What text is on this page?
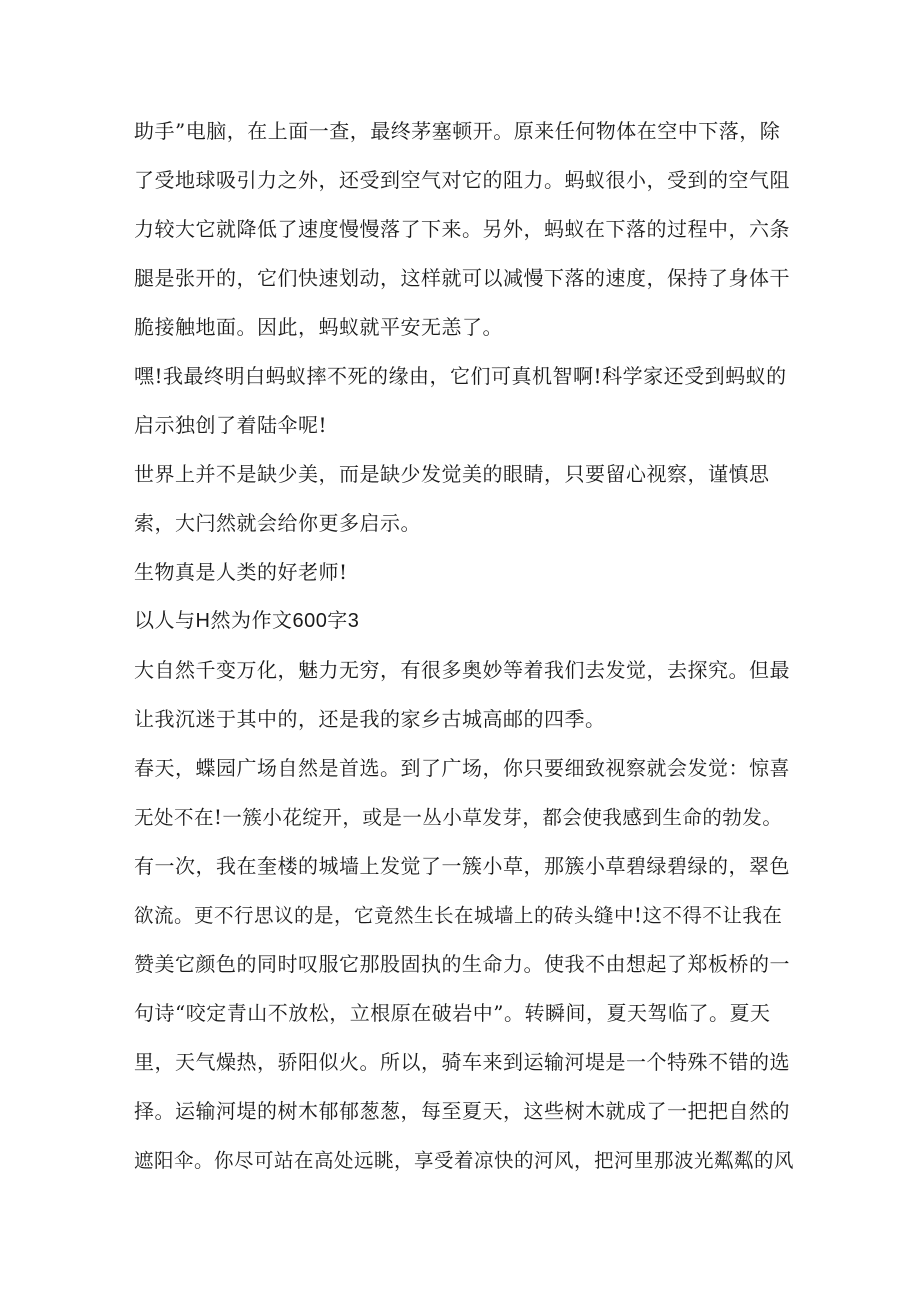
助手”电脑，在上面一查，最终茅塞顿开。原来任何物体在空中下落，除
了受地球吸引力之外，还受到空气对它的阻力。蚂蚁很小，受到的空气阻
力较大它就降低了速度慢慢落了下来。另外，蚂蚁在下落的过程中，六条
腿是张开的，它们快速划动，这样就可以减慢下落的速度，保持了身体干
脆接触地面。因此，蚂蚁就平安无恙了。
嘿!我最终明白蚂蚁摔不死的缘由，它们可真机智啊!科学家还受到蚂蚁的
启示独创了着陆伞呢!
世界上并不是缺少美，而是缺少发觉美的眼睛，只要留心视察，谨慎思
索，大闩然就会给你更多启示。
生物真是人类的好老师!
以人与H然为作文600字3
大自然千变万化，魅力无穷，有很多奥妙等着我们去发觉，去探究。但最
让我沉迷于其中的，还是我的家乡古城高邮的四季。
春天，蝶园广场自然是首选。到了广场，你只要细致视察就会发觉：惊喜
无处不在!一簇小花绽开，或是一丛小草发芽，都会使我感到生命的勃发。
有一次，我在奎楼的城墙上发觉了一簇小草，那簇小草碧绿碧绿的，翠色
欲流。更不行思议的是，它竟然生长在城墙上的砖头缝中!这不得不让我在
赞美它颜色的同时叹服它那股固执的生命力。使我不由想起了郑板桥的一
句诗“咬定青山不放松，立根原在破岩中”。转瞬间，夏天驾临了。夏天
里，天气燥热，骄阳似火。所以，骑车来到运输河堤是一个特殊不错的选
择。运输河堤的树木郁郁葱葱，每至夏天，这些树木就成了一把把自然的
遮阳伞。你尽可站在高处远眺，享受着凉快的河风，把河里那波光粼粼的风
